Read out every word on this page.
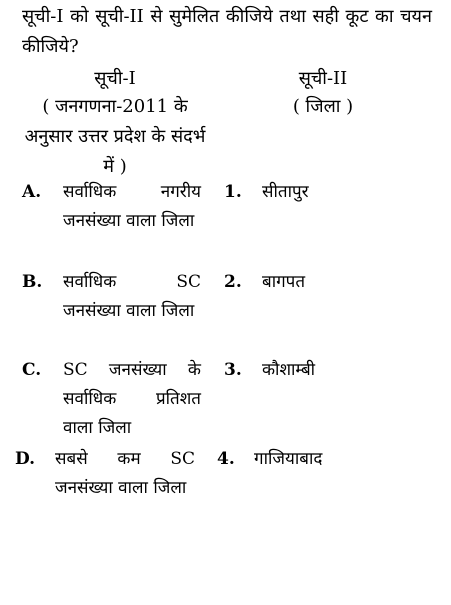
सूची-I को सूची-II से सुमेलित कीजिये तथा सही कूट का चयन कीजिये?
सूची-I	सूची-II
( जनगणना-2011 के अनुसार उत्तर प्रदेश के संदर्भ में )
( जिला )
A. सर्वाधिक नगरीय जनसंख्या वाला जिला
1. सीतापुर
B. सर्वाधिक SC जनसंख्या वाला जिला
2. बागपत
C. SC जनसंख्या के सर्वाधिक प्रतिशत वाला जिला
3. कौशाम्बी
D. सबसे कम SC जनसंख्या वाला जिला
4. गाजियाबाद
